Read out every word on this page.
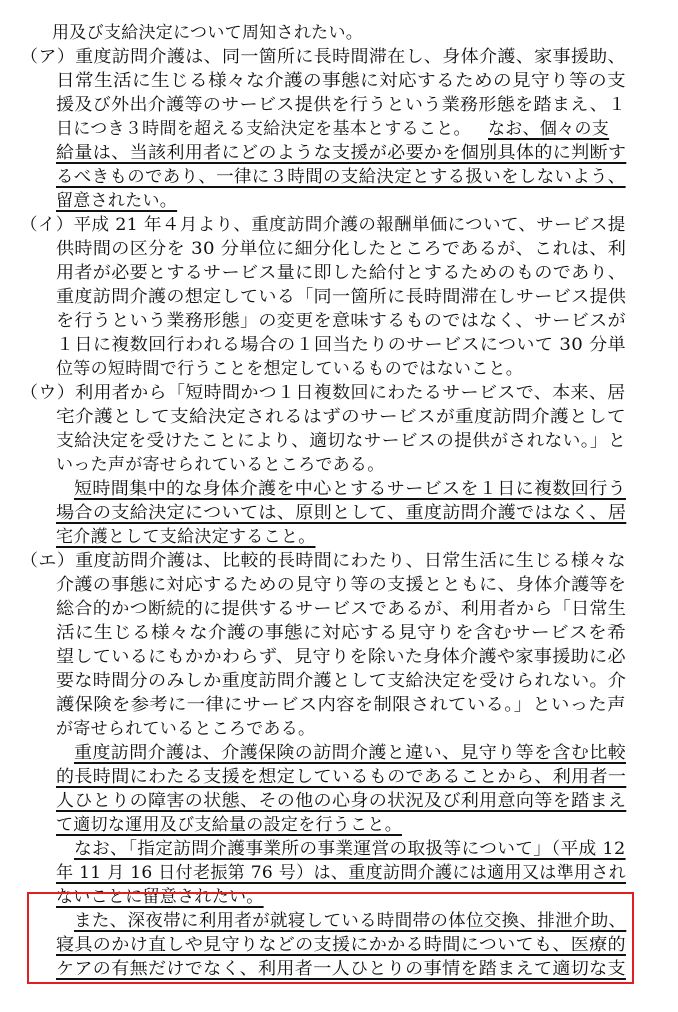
用及び支給決定について周知されたい。
（ア）重度訪問介護は、同一箇所に長時間滞在し、身体介護、家事援助、
日常生活に生じる様々な介護の事態に対応するための見守り等の支
援及び外出介護等のサービス提供を行うという業務形態を踏まえ、１
日につき３時間を超える支給決定を基本とすること。 なお、個々の支
給量は、当該利用者にどのような支援が必要かを個別具体的に判断す
るべきものであり、一律に３時間の支給決定とする扱いをしないよう、
留意されたい。
（イ）平成 21 年４月より、重度訪問介護の報酬単価について、サービス提
供時間の区分を 30 分単位に細分化したところであるが、これは、利
用者が必要とするサービス量に即した給付とするためのものであり、
重度訪問介護の想定している「同一箇所に長時間滞在しサービス提供
を行うという業務形態」の変更を意味するものではなく、サービスが
１日に複数回行われる場合の１回当たりのサービスについて 30 分単
位等の短時間で行うことを想定しているものではないこと。
（ウ）利用者から「短時間かつ１日複数回にわたるサービスで、本来、居
宅介護として支給決定されるはずのサービスが重度訪問介護として
支給決定を受けたことにより、適切なサービスの提供がされない。」と
いった声が寄せられているところである。
短時間集中的な身体介護を中心とするサービスを１日に複数回行う
場合の支給決定については、原則として、重度訪問介護ではなく、居
宅介護として支給決定すること。
（エ）重度訪問介護は、比較的長時間にわたり、日常生活に生じる様々な
介護の事態に対応するための見守り等の支援とともに、身体介護等を
総合的かつ断続的に提供するサービスであるが、利用者から「日常生
活に生じる様々な介護の事態に対応する見守りを含むサービスを希
望しているにもかかわらず、見守りを除いた身体介護や家事援助に必
要な時間分のみしか重度訪問介護として支給決定を受けられない。介
護保険を参考に一律にサービス内容を制限されている。」といった声
が寄せられているところである。
重度訪問介護は、介護保険の訪問介護と違い、見守り等を含む比較
的長時間にわたる支援を想定しているものであることから、利用者一
人ひとりの障害の状態、その他の心身の状況及び利用意向等を踏まえ
て適切な運用及び支給量の設定を行うこと。
なお、「指定訪問介護事業所の事業運営の取扱等について」（平成 12
年 11 月 16 日付老振第 76 号）は、重度訪問介護には適用又は準用され
ないことに留意されたい。
また、深夜帯に利用者が就寝している時間帯の体位交換、排泄介助、
寝具のかけ直しや見守りなどの支援にかかる時間についても、医療的
ケアの有無だけでなく、利用者一人ひとりの事情を踏まえて適切な支
